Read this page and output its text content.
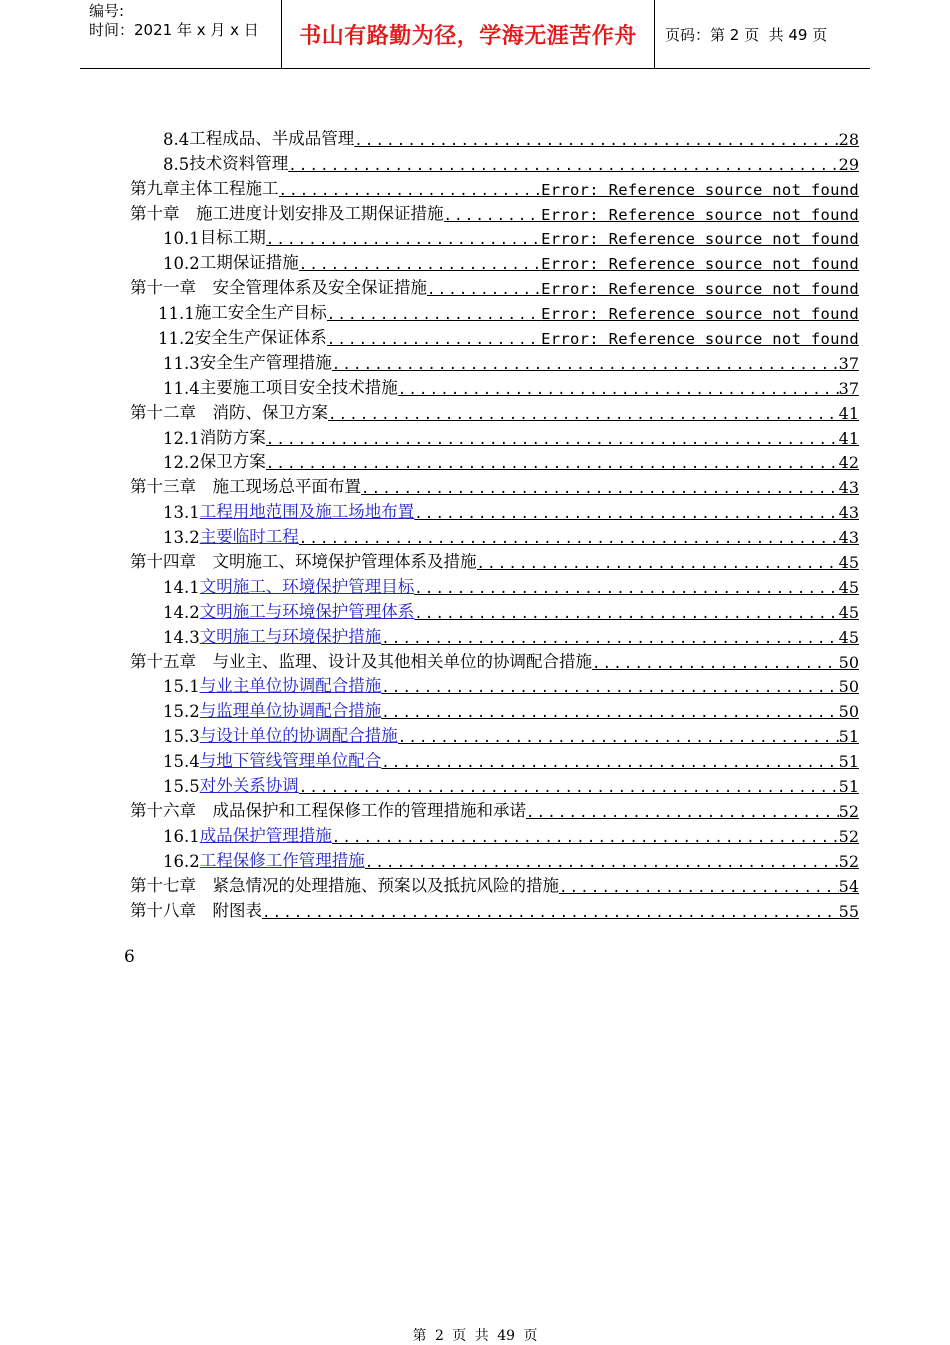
编号:
时间：2021 年 x 月 x 日	书山有路勤为径，学海无涯苦作舟	页码：第 2 页  共 49 页
8.4 工程成品、半成品管理 .....	28
8.5 技术资料管理 .....	29
第九章 主体工程施工 .....	Error: Reference source not found
第十章 　施工进度计划安排及工期保证措施 .....	Error: Reference source not found
10.1 目标工期 .....	Error: Reference source not found
10.2 工期保证措施 .....	Error: Reference source not found
第十一章 　安全管理体系及安全保证措施 .....	Error: Reference source not found
11.1 施工安全生产目标 .....	Error: Reference source not found
11.2 安全生产保证体系 .....	Error: Reference source not found
11.3 安全生产管理措施 .....	37
11.4 主要施工项目安全技术措施 .....	37
第十二章 　消防、保卫方案 .....	41
12.1 消防方案 .....	41
12.2 保卫方案 .....	42
第十三章 　施工现场总平面布置 .....	43
13.1 工程用地范围及施工场地布置 .....	43
13.2 主要临时工程 .....	43
第十四章 　文明施工、环境保护管理体系及措施 .....	45
14.1 文明施工、环境保护管理目标 .....	45
14.2 文明施工与环境保护管理体系 .....	45
14.3 文明施工与环境保护措施 .....	45
第十五章 　与业主、监理、设计及其他相关单位的协调配合措施 .....	50
15.1 与业主单位协调配合措施 .....	50
15.2 与监理单位协调配合措施 .....	50
15.3 与设计单位的协调配合措施 .....	51
15.4 与地下管线管理单位配合 .....	51
15.5 对外关系协调 .....	51
第十六章 　成品保护和工程保修工作的管理措施和承诺 .....	52
16.1 成品保护管理措施 .....	52
16.2 工程保修工作管理措施 .....	52
第十七章 　紧急情况的处理措施、预案以及抵抗风险的措施 .....	54
第十八章 　附图表 .....	55
6
第 2 页 共 49 页
